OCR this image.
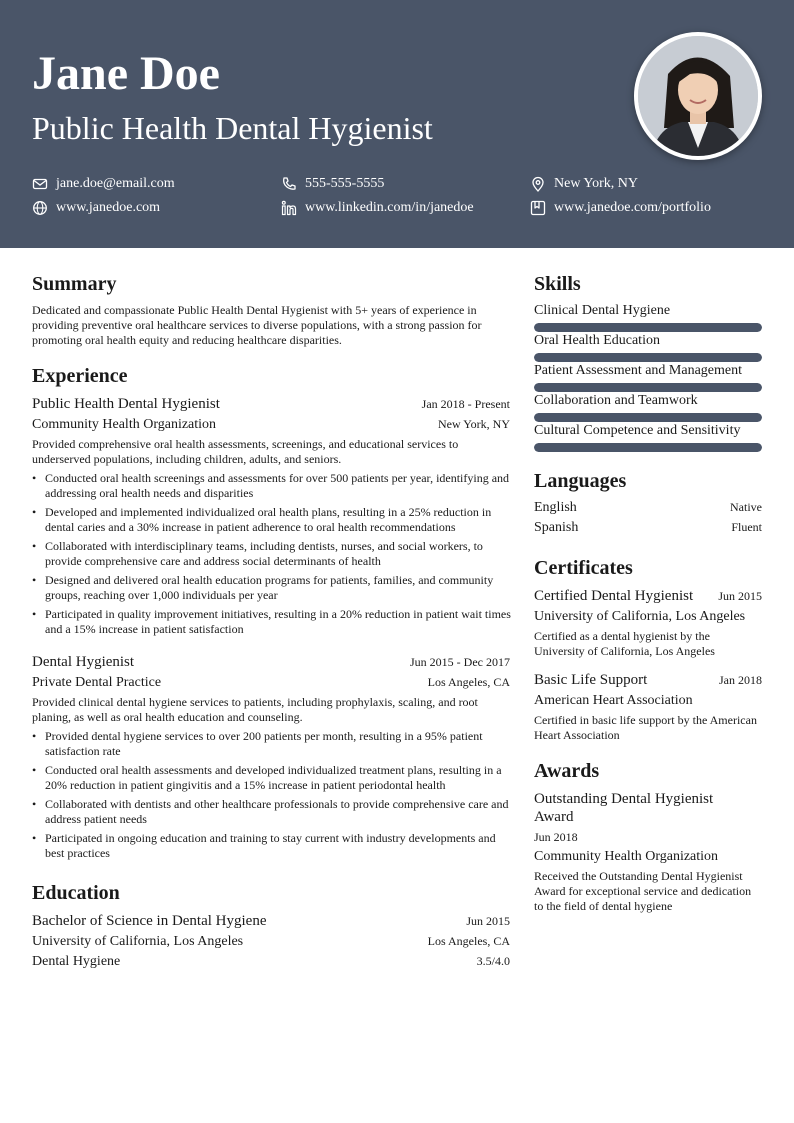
Jane Doe
Public Health Dental Hygienist
jane.doe@email.com	555-555-5555	New York, NY
www.janedoe.com	www.linkedin.com/in/janedoe	www.janedoe.com/portfolio
Summary
Dedicated and compassionate Public Health Dental Hygienist with 5+ years of experience in providing preventive oral healthcare services to diverse populations, with a strong passion for promoting oral health equity and reducing healthcare disparities.
Experience
Public Health Dental Hygienist	Jan 2018 - Present
Community Health Organization	New York, NY
Provided comprehensive oral health assessments, screenings, and educational services to underserved populations, including children, adults, and seniors.
• Conducted oral health screenings and assessments for over 500 patients per year, identifying and addressing oral health needs and disparities
• Developed and implemented individualized oral health plans, resulting in a 25% reduction in dental caries and a 30% increase in patient adherence to oral health recommendations
• Collaborated with interdisciplinary teams, including dentists, nurses, and social workers, to provide comprehensive care and address social determinants of health
• Designed and delivered oral health education programs for patients, families, and community groups, reaching over 1,000 individuals per year
• Participated in quality improvement initiatives, resulting in a 20% reduction in patient wait times and a 15% increase in patient satisfaction
Dental Hygienist	Jun 2015 - Dec 2017
Private Dental Practice	Los Angeles, CA
Provided clinical dental hygiene services to patients, including prophylaxis, scaling, and root planing, as well as oral health education and counseling.
• Provided dental hygiene services to over 200 patients per month, resulting in a 95% patient satisfaction rate
• Conducted oral health assessments and developed individualized treatment plans, resulting in a 20% reduction in patient gingivitis and a 15% increase in patient periodontal health
• Collaborated with dentists and other healthcare professionals to provide comprehensive care and address patient needs
• Participated in ongoing education and training to stay current with industry developments and best practices
Education
Bachelor of Science in Dental Hygiene	Jun 2015
University of California, Los Angeles	Los Angeles, CA
Dental Hygiene	3.5/4.0
Skills
Clinical Dental Hygiene
Oral Health Education
Patient Assessment and Management
Collaboration and Teamwork
Cultural Competence and Sensitivity
Languages
English	Native
Spanish	Fluent
Certificates
Certified Dental Hygienist Jun 2015
University of California, Los Angeles
Certified as a dental hygienist by the University of California, Los Angeles
Basic Life Support	Jan 2018
American Heart Association
Certified in basic life support by the American Heart Association
Awards
Outstanding Dental Hygienist Award
Jun 2018
Community Health Organization
Received the Outstanding Dental Hygienist Award for exceptional service and dedication to the field of dental hygiene
